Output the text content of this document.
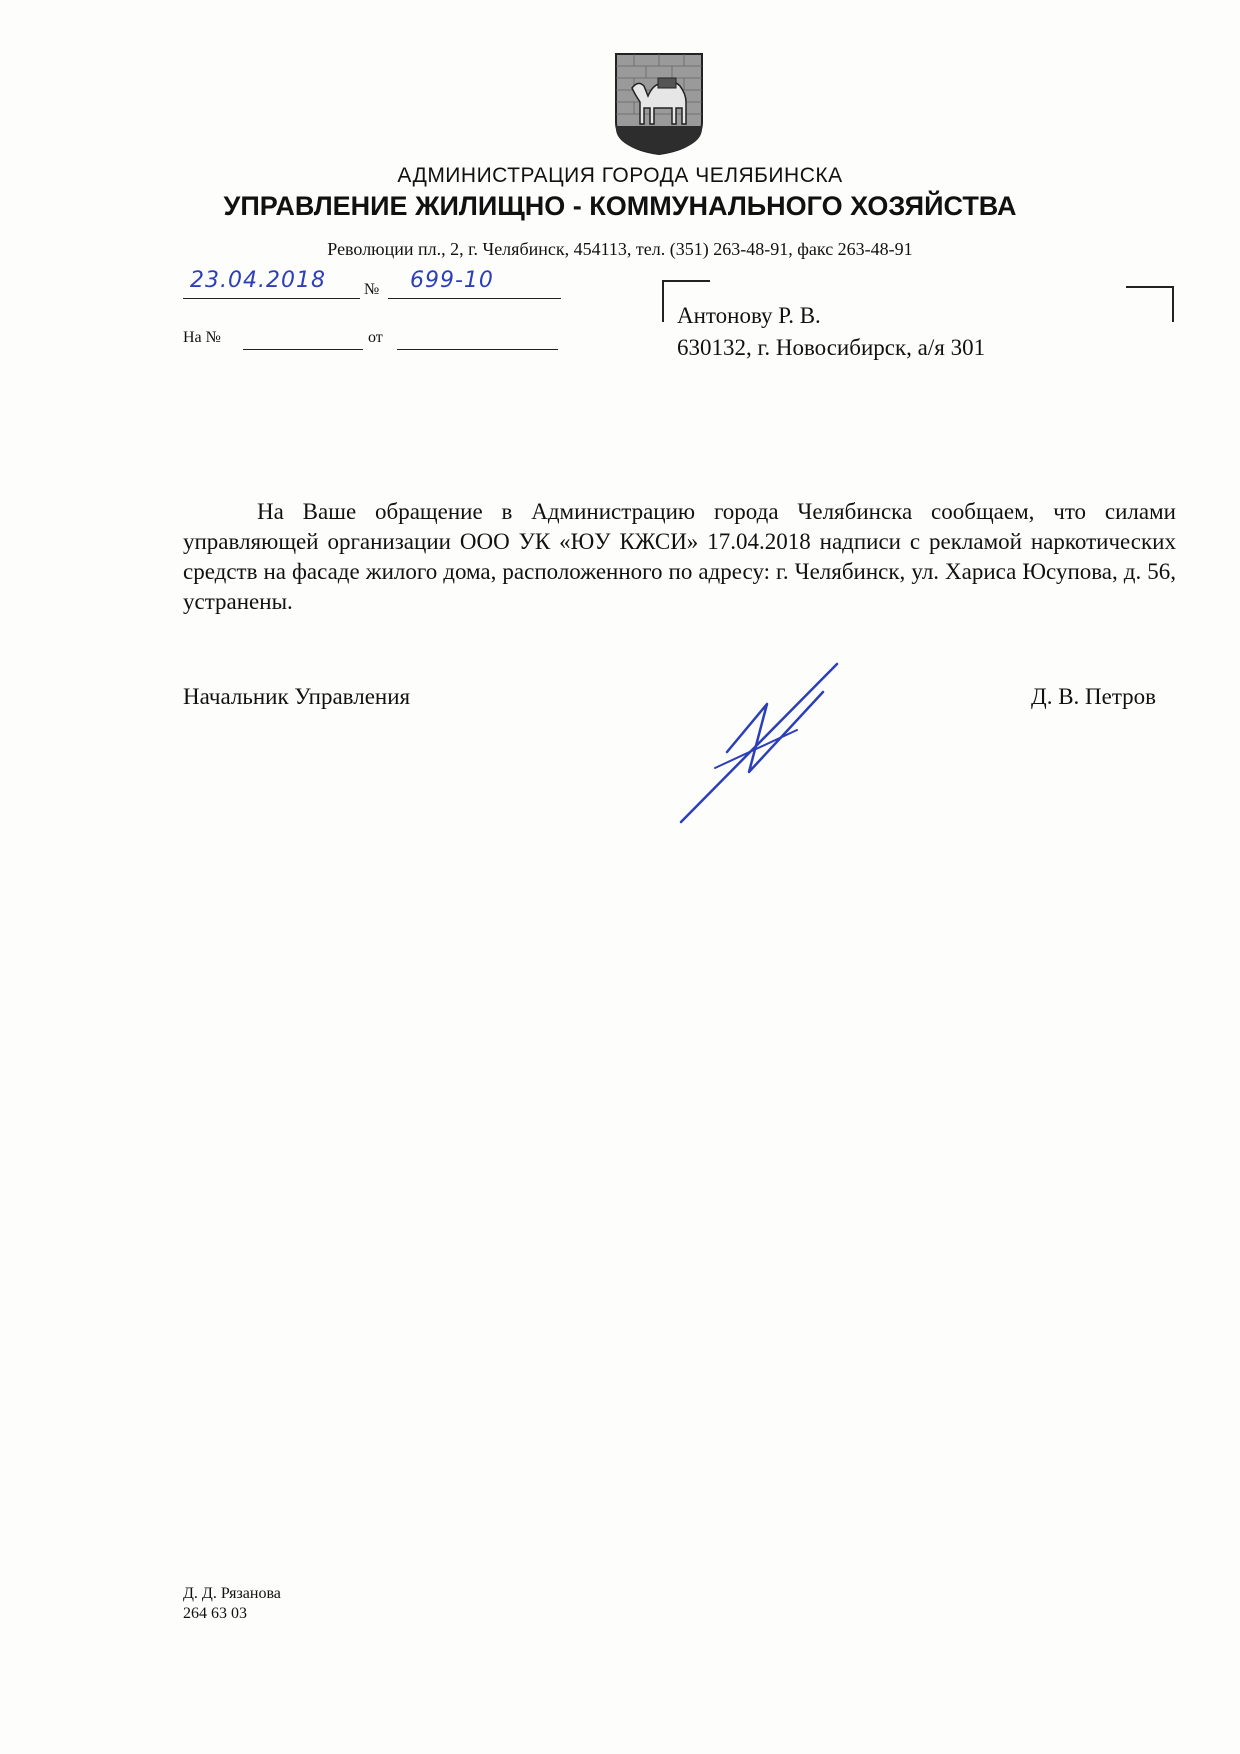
АДМИНИСТРАЦИЯ ГОРОДА ЧЕЛЯБИНСКА
УПРАВЛЕНИЕ ЖИЛИЩНО - КОММУНАЛЬНОГО ХОЗЯЙСТВА
Революции пл., 2, г. Челябинск, 454113, тел. (351) 263-48-91, факс 263-48-91
23.04.2018 № 699-10
На №	от
Антонову Р. В.
630132, г. Новосибирск, а/я 301
На Ваше обращение в Администрацию города Челябинска сообщаем, что силами управляющей организации ООО УК «ЮУ КЖСИ» 17.04.2018 надписи с рекламой наркотических средств на фасаде жилого дома, расположенного по адресу: г. Челябинск, ул. Хариса Юсупова, д. 56, устранены.
Начальник Управления	Д. В. Петров
Д. Д. Рязанова
264 63 03
